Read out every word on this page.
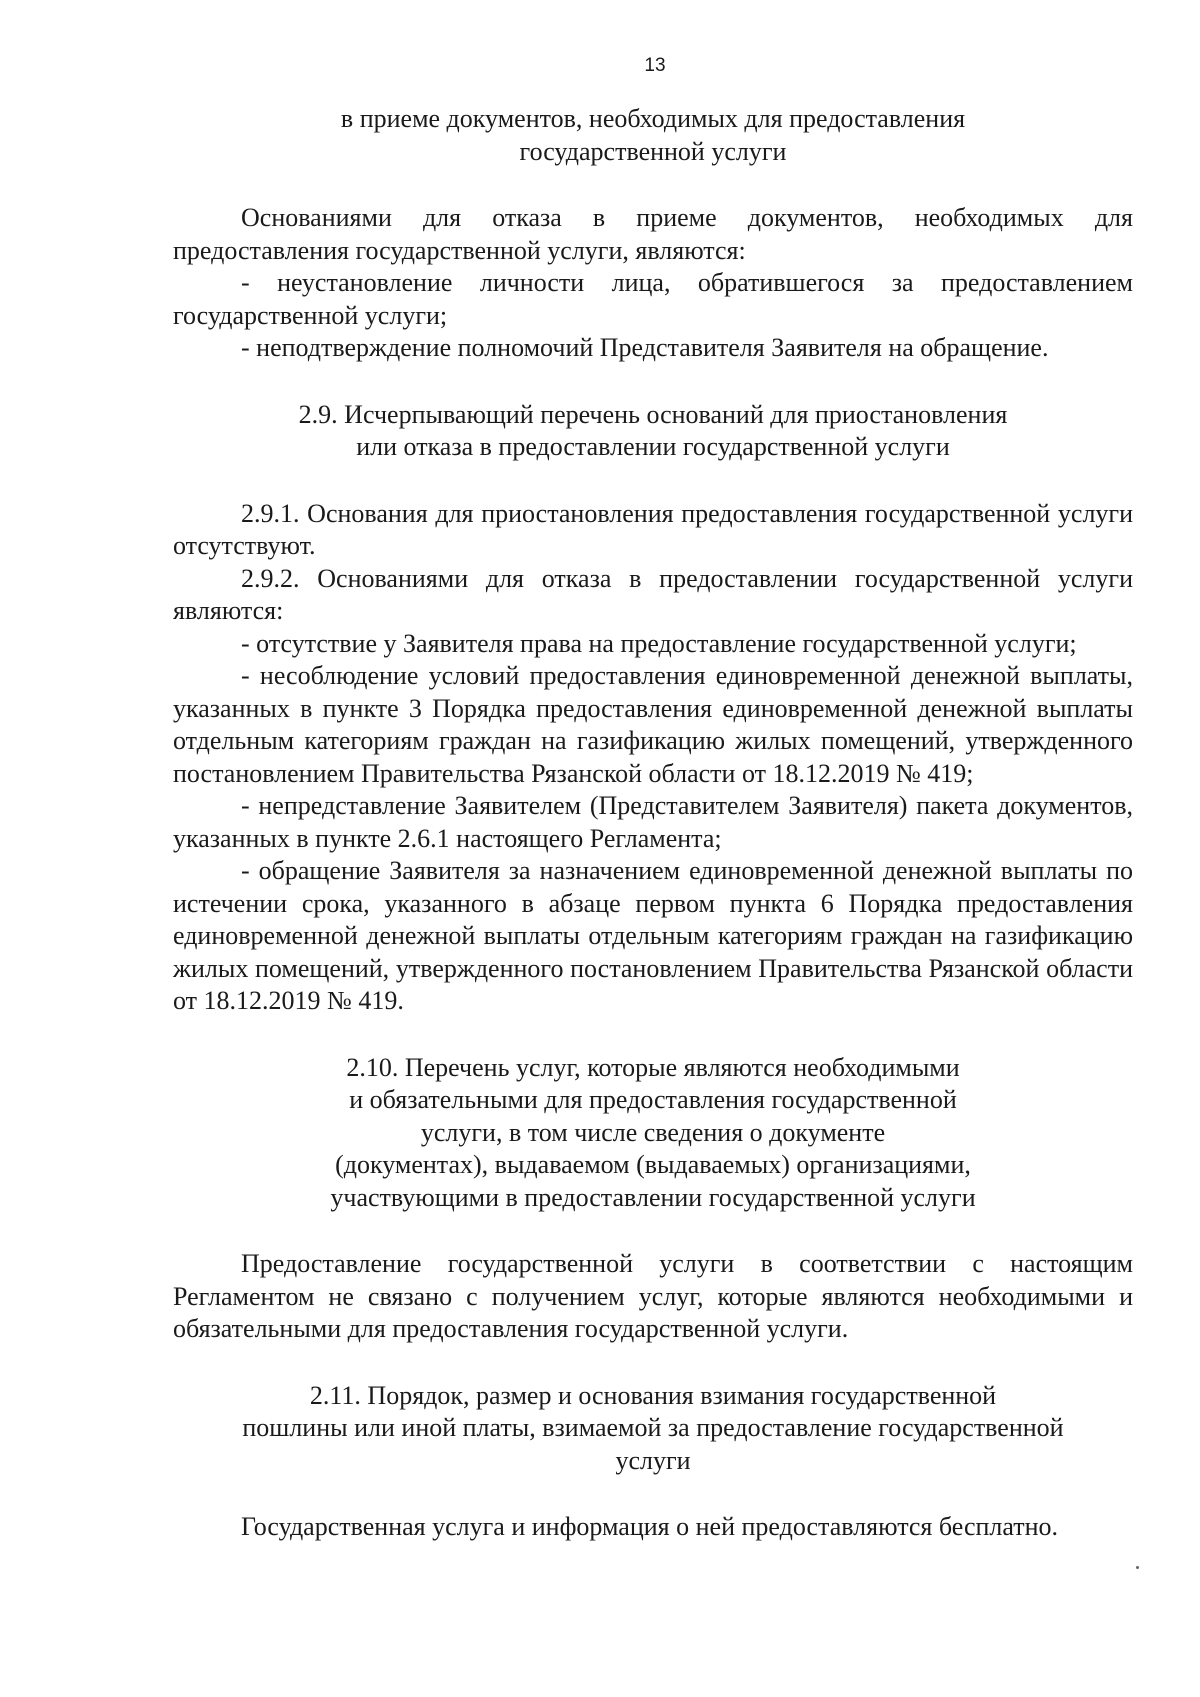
13
в приеме документов, необходимых для предоставления
государственной услуги

Основаниями для отказа в приеме документов, необходимых для предоставления государственной услуги, являются:

- неустановление личности лица, обратившегося за предоставлением государственной услуги;

- неподтверждение полномочий Представителя Заявителя на обращение.

2.9. Исчерпывающий перечень оснований для приостановления
или отказа в предоставлении государственной услуги

2.9.1. Основания для приостановления предоставления государственной услуги отсутствуют.

2.9.2. Основаниями для отказа в предоставлении государственной услуги являются:

- отсутствие у Заявителя права на предоставление государственной услуги;

- несоблюдение условий предоставления единовременной денежной выплаты, указанных в пункте 3 Порядка предоставления единовременной денежной выплаты отдельным категориям граждан на газификацию жилых помещений, утвержденного постановлением Правительства Рязанской области от 18.12.2019 № 419;

- непредставление Заявителем (Представителем Заявителя) пакета документов, указанных в пункте 2.6.1 настоящего Регламента;

- обращение Заявителя за назначением единовременной денежной выплаты по истечении срока, указанного в абзаце первом пункта 6 Порядка предоставления единовременной денежной выплаты отдельным категориям граждан на газификацию жилых помещений, утвержденного постановлением Правительства Рязанской области от 18.12.2019 № 419.

2.10. Перечень услуг, которые являются необходимыми
и обязательными для предоставления государственной
услуги, в том числе сведения о документе
(документах), выдаваемом (выдаваемых) организациями,
участвующими в предоставлении государственной услуги

Предоставление государственной услуги в соответствии с настоящим Регламентом не связано с получением услуг, которые являются необходимыми и обязательными для предоставления государственной услуги.

2.11. Порядок, размер и основания взимания государственной
пошлины или иной платы, взимаемой за предоставление государственной
услуги

Государственная услуга и информация о ней предоставляются бесплатно.
